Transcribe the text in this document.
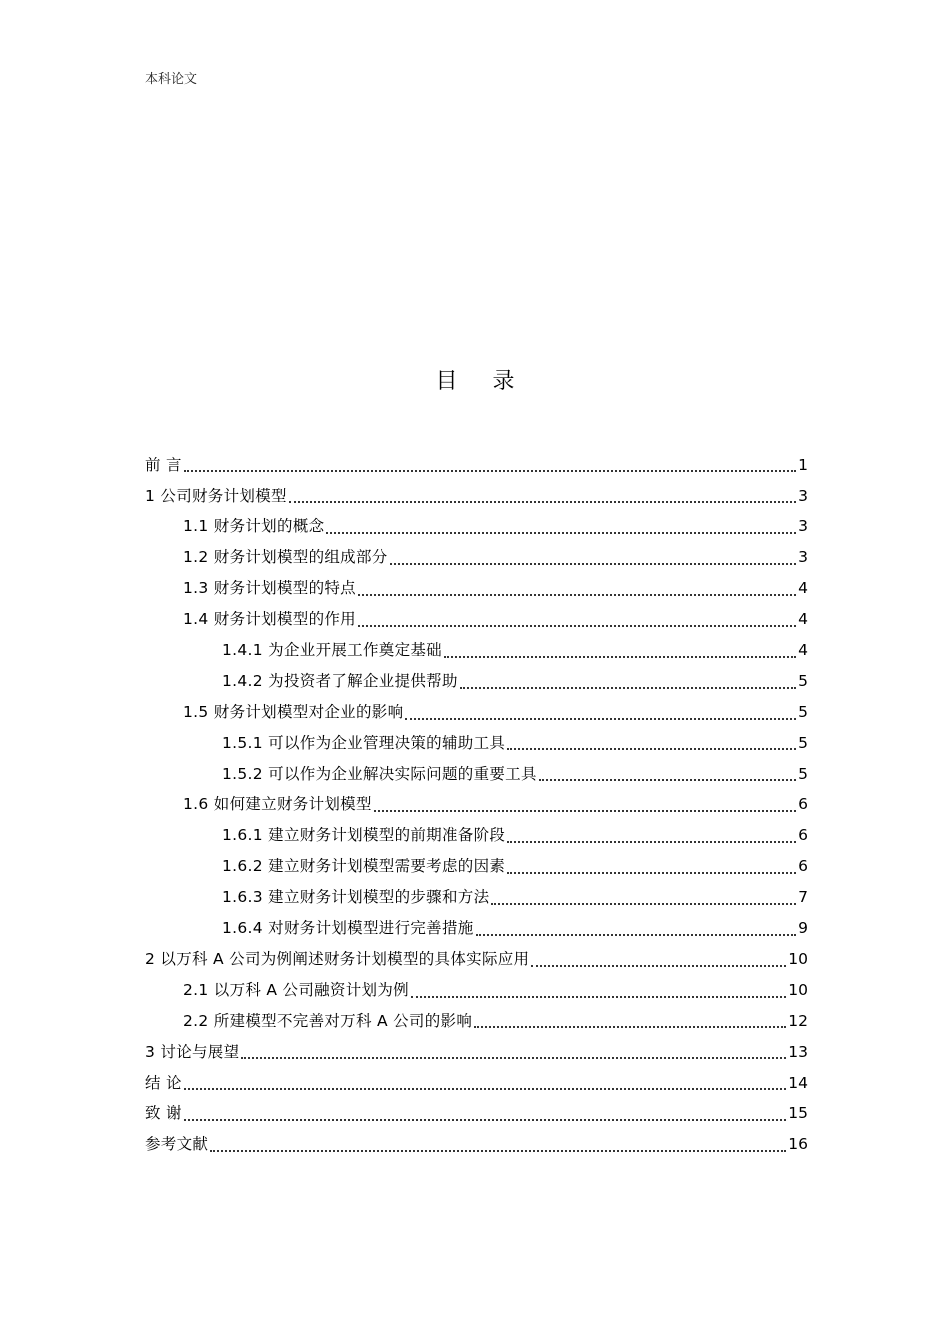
本科论文
目 录
前 言	1
1 公司财务计划模型	3
1.1 财务计划的概念	3
1.2 财务计划模型的组成部分	3
1.3 财务计划模型的特点	4
1.4 财务计划模型的作用	4
1.4.1 为企业开展工作奠定基础	4
1.4.2 为投资者了解企业提供帮助	5
1.5 财务计划模型对企业的影响	5
1.5.1 可以作为企业管理决策的辅助工具	5
1.5.2 可以作为企业解决实际问题的重要工具	5
1.6 如何建立财务计划模型	6
1.6.1 建立财务计划模型的前期准备阶段	6
1.6.2 建立财务计划模型需要考虑的因素	6
1.6.3 建立财务计划模型的步骤和方法	7
1.6.4 对财务计划模型进行完善措施	9
2 以万科 A 公司为例阐述财务计划模型的具体实际应用	10
2.1 以万科 A 公司融资计划为例	10
2.2 所建模型不完善对万科 A 公司的影响	12
3 讨论与展望	13
结 论	14
致 谢	15
参考文献	16
